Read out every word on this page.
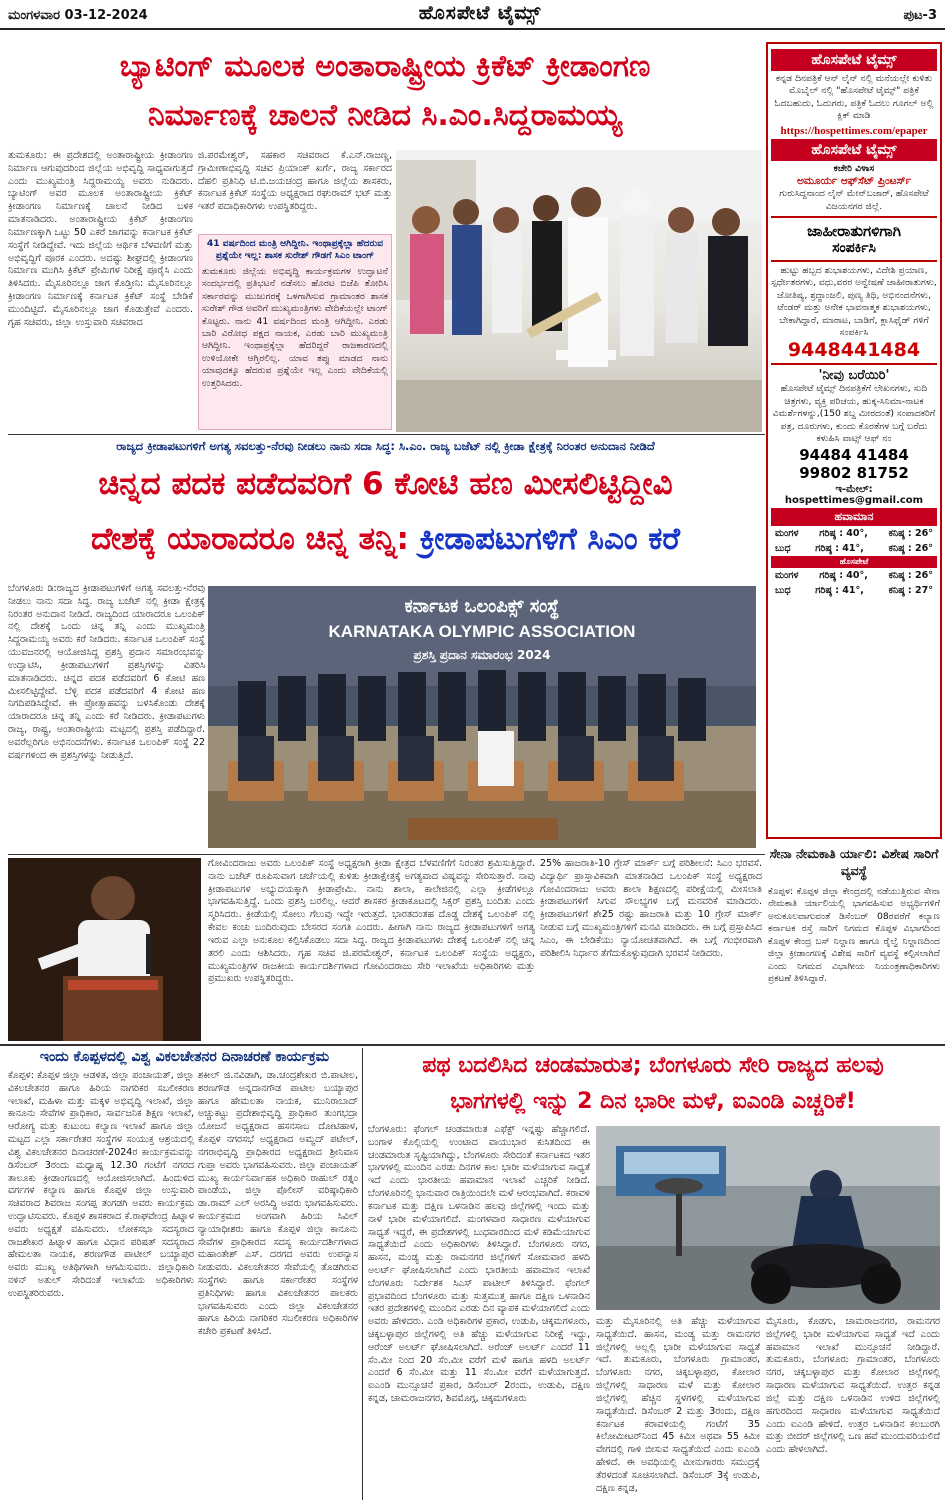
ಮಂಗಳವಾರ 03-12-2024	ಹೊಸಪೇಟೆ ಟೈಮ್ಸ್	ಪುಟ-3
ಬ್ಯಾಟಿಂಗ್ ಮೂಲಕ ಅಂತಾರಾಷ್ಟ್ರೀಯ ಕ್ರಿಕೆಟ್ ಕ್ರೀಡಾಂಗಣ
ನಿರ್ಮಾಣಕ್ಕೆ ಚಾಲನೆ ನೀಡಿದ ಸಿ.ಎಂ.ಸಿದ್ದರಾಮಯ್ಯ
ತುಮಕೂರು: ಈ ಪ್ರದೇಶದಲ್ಲಿ ಅಂತಾರಾಷ್ಟ್ರೀಯ ಕ್ರೀಡಾಂಗಣ ನಿರ್ಮಾಣ ಆಗುವುದರಿಂದ ಜಿಲ್ಲೆಯ ಅಭಿವೃದ್ಧಿ ಸಾಧ್ಯವಾಗುತ್ತದೆ ಎಂದು ಮುಖ್ಯಮಂತ್ರಿ ಸಿದ್ದರಾಮಯ್ಯ ಅವರು ನುಡಿದರು. ಬ್ಯಾಟಿಂಗ್ ಅವರ ಮೂಲಕ ಅಂತಾರಾಷ್ಟ್ರೀಯ ಕ್ರಿಕೆಟ್ ಕ್ರೀಡಾಂಗಣ ನಿರ್ಮಾಣಕ್ಕೆ ಚಾಲನೆ ನೀಡಿದ ಬಳಿಕ ಮಾತನಾಡಿದರು. ಅಂತಾರಾಷ್ಟ್ರೀಯ ಕ್ರಿಕೆಟ್ ಕ್ರೀಡಾಂಗಣ ನಿರ್ಮಾಣಕ್ಕಾಗಿ ಒಟ್ಟು 50 ಎಕರೆ ಜಾಗವನ್ನು ಕರ್ನಾಟಕ ಕ್ರಿಕೆಟ್ ಸಂಸ್ಥೆಗೆ ನೀಡಿದ್ದೇವೆ. ಇದು ಜಿಲ್ಲೆಯ ಆರ್ಥಿಕ ಬೆಳವಣಿಗೆ ಮತ್ತು ಅಭಿವೃದ್ಧಿಗೆ ಪೂರಕ ಎಂದರು. ಅದಷ್ಟು ಶೀಘ್ರದಲ್ಲಿ ಕ್ರೀಡಾಂಗಣ ನಿರ್ಮಾಣ ಮುಗಿಸಿ ಕ್ರಿಕೆಟ್ ಪ್ರೇಮಿಗಳ ನಿರೀಕ್ಷೆ ಪೂರೈಸಿ ಎಂದು ತಿಳಿಸಿದರು. ಮೈಸೂರಿನಲ್ಲೂ ಜಾಗ ಕೊಡ್ತೀನಿ: ಮೈಸೂರಿನಲ್ಲೂ ಕ್ರೀಡಾಂಗಣ ನಿರ್ಮಾಣಕ್ಕೆ ಕರ್ನಾಟಕ ಕ್ರಿಕೆಟ್ ಸಂಸ್ಥೆ ಬೇಡಿಕೆ ಮುಂದಿಟ್ಟಿದೆ. ಮೈಸೂರಿನಲ್ಲೂ ಜಾಗ ಕೊಡುತ್ತೇವೆ ಎಂದರು. ಗೃಹ ಸಚಿವರು, ಜಿಲ್ಲಾ ಉಸ್ತುವಾರಿ ಸಚಿವರಾದ
ಜಿ.ಪರಮೇಶ್ವರ್, ಸಹಕಾರ ಸಚಿವರಾದ ಕೆ.ಎನ್.ರಾಜಣ್ಣ, ಗ್ರಾಮೀಣಾಭಿವೃದ್ಧಿ ಸಚಿವ ಪ್ರಿಯಾಂಕ್ ಖರ್ಗೆ, ರಾಜ್ಯ ಸರ್ಕಾರದ ದೆಹಲಿ ಪ್ರತಿನಿಧಿ ಟಿ.ಬಿ.ಜಯಚಂದ್ರ ಹಾಗೂ ಜಿಲ್ಲೆಯ ಶಾಸಕರು, ಕರ್ನಾಟಕ ಕ್ರಿಕೆಟ್ ಸಂಸ್ಥೆಯ ಅಧ್ಯಕ್ಷರಾದ ರಘುರಾಮ್ ಭಟ್ ಮತ್ತು ಇತರೆ ಪದಾಧಿಕಾರಿಗಳು ಉಪಸ್ಥಿತರಿದ್ದರು.
41 ವರ್ಷದಿಂದ ಮಂತ್ರಿ ಆಗಿದ್ದೀನಿ. ಇಂಥಾಪ್ರಕ್ಕೆಲ್ಲಾ ಹೆದರುವ ಪ್ರಶ್ನೆಯೇ ಇಲ್ಲ: ಶಾಸಕ ಸುರೇಶ್ ಗೌಡಗೆ ಸಿಎಂ ಟಾಂಗ್
ತುಮಕೂರು ಜಿಲ್ಲೆಯ ಅಭಿವೃದ್ಧಿ ಕಾರ್ಯಕ್ರಮಗಳ ಉದ್ಘಾಟನೆ ಸಂದರ್ಭದಲ್ಲಿ ಪ್ರತಿಭಟನೆ ನಡೆಸಲು ಹೊರಟ ಬಿಜೆಪಿ ತೋರಿಸಿ ಸರ್ಕಾರವನ್ನು ಮುಜುಗರಕ್ಕೆ ಒಳಗಾಗಿಸುವ ಗ್ರಾಮಾಂತರ ಶಾಸಕ ಸುರೇಶ್ ಗೌಡ ಅವರಿಗೆ ಮುಖ್ಯಮಂತ್ರಿಗಳು ವೇದಿಕೆಯಲ್ಲೇ ಟಾಂಗ್ ಕೊಟ್ಟರು. ನಾನು 41 ವರ್ಷದಿಂದ ಮಂತ್ರಿ ಆಗಿದ್ದೀನಿ. ಎರಡು ಬಾರಿ ವಿರೋಧ ಪಕ್ಷದ ನಾಯಕ, ಎರಡು ಬಾರಿ ಮುಖ್ಯಮಂತ್ರಿ ಆಗಿದ್ದೀನಿ. ಇಂಥಾಪ್ರಕ್ಕೆಲ್ಲಾ ಹೆದರಿದ್ದರೆ ರಾಜಕಾರಣದಲ್ಲಿ ಉಳಿಯೋಕೇ ಆಗ್ತಿರಲಿಲ್ಲ. ಯಾವ ತಪ್ಪು ಮಾಡದ ನಾನು ಯಾವುದಕ್ಕೂ ಹೆದರುವ ಪ್ರಶ್ನೆಯೇ ಇಲ್ಲ ಎಂದು ವೇದಿಕೆಯಲ್ಲಿ ಉತ್ತರಿಸಿದರು.
ರಾಜ್ಯದ ಕ್ರೀಡಾಪಟುಗಳಿಗೆ ಅಗತ್ಯ ಸವಲತ್ತು-ನೆರವು ನೀಡಲು ನಾನು ಸದಾ ಸಿದ್ಧ: ಸಿ.ಎಂ. ರಾಜ್ಯ ಬಜೆಟ್ ನಲ್ಲಿ ಕ್ರೀಡಾ ಕ್ಷೇತ್ರಕ್ಕೆ ನಿರಂತರ ಅನುದಾನ ನೀಡಿದೆ
ಚಿನ್ನದ ಪದಕ ಪಡೆದವರಿಗೆ 6 ಕೋಟಿ ಹಣ ಮೀಸಲಿಟ್ಟಿದ್ದೀವಿ
ದೇಶಕ್ಕೆ ಯಾರಾದರೂ ಚಿನ್ನ ತನ್ನಿ: ಕ್ರೀಡಾಪಟುಗಳಿಗೆ ಸಿಎಂ ಕರೆ
ಬೆಂಗಳೂರು ಡಿ:ರಾಜ್ಯದ ಕ್ರೀಡಾಪಟುಗಳಿಗೆ ಅಗತ್ಯ ಸವಲತ್ತು-ನೆರವು ನೀಡಲು ನಾನು ಸದಾ ಸಿದ್ಧ. ರಾಜ್ಯ ಬಜೆಟ್ ನಲ್ಲಿ ಕ್ರೀಡಾ ಕ್ಷೇತ್ರಕ್ಕೆ ನಿರಂತರ ಅನುದಾನ ನೀಡಿದೆ. ರಾಜ್ಯದಿಂದ ಯಾರಾದರೂ ಒಲಂಪಿಕ್ ನಲ್ಲಿ ದೇಶಕ್ಕೆ ಒಂದು ಚಿನ್ನ ತನ್ನಿ ಎಂದು ಮುಖ್ಯಮಂತ್ರಿ ಸಿದ್ದರಾಮಯ್ಯ ಅವರು ಕರೆ ನೀಡಿದರು. ಕರ್ನಾಟಕ ಒಲಂಪಿಕ್ ಸಂಸ್ಥೆ ಯುವಜನರಲ್ಲಿ ಆಯೋಜಿಸಿದ್ದ ಪ್ರಶಸ್ತಿ ಪ್ರದಾನ ಸಮಾರಂಭವನ್ನು ಉದ್ಘಾಟಿಸಿ, ಕ್ರೀಡಾಪಟುಗಳಿಗೆ ಪ್ರಶಸ್ತಿಗಳನ್ನು ವಿತರಿಸಿ ಮಾತನಾಡಿದರು. ಚಿನ್ನದ ಪದಕ ಪಡೆದವರಿಗೆ 6 ಕೋಟಿ ಹಣ ಮೀಸಲಿಟ್ಟಿದ್ದೇವೆ. ಬೆಳ್ಳಿ ಪದಕ ಪಡೆದವರಿಗೆ 4 ಕೋಟಿ ಹಣ ನಿಗದಿಪಡಿಸಿದ್ದೇವೆ. ಈ ಪ್ರೋತ್ಸಾಹವನ್ನು ಬಳಸಿಕೊಂಡು ದೇಶಕ್ಕೆ ಯಾರಾದರೂ ಚಿನ್ನ ತನ್ನಿ ಎಂದು ಕರೆ ನೀಡಿದರು. ಕ್ರೀಡಾಪಟುಗಳು ರಾಜ್ಯ, ರಾಷ್ಟ್ರ, ಅಂತಾರಾಷ್ಟ್ರೀಯ ಮಟ್ಟದಲ್ಲಿ ಪ್ರಶಸ್ತಿ ಪಡೆದಿದ್ದಾರೆ. ಅವರೆಲ್ಲರಿಗೂ ಅಭಿನಂದನೆಗಳು. ಕರ್ನಾಟಕ ಒಲಂಪಿಕ್ ಸಂಸ್ಥೆ 22 ವರ್ಷಗಳಿಂದ ಈ ಪ್ರಶಸ್ತಿಗಳನ್ನು ನೀಡುತ್ತಿದೆ.
ಕರ್ನಾಟಕ ಒಲಂಪಿಕ್ಸ್ ಸಂಸ್ಥೆ
KARNATAKA OLYMPIC ASSOCIATION
ಪ್ರಶಸ್ತಿ ಪ್ರದಾನ ಸಮಾರಂಭ 2024
ಗೋವಿಂದರಾಜು ಅವರು ಒಲಂಪಿಕ್ ಸಂಸ್ಥೆ ಅಧ್ಯಕ್ಷರಾಗಿ ಕ್ರೀಡಾ ಕ್ಷೇತ್ರದ ಬೆಳವಣಿಗೆಗೆ ನಿರಂತರ ಶ್ರಮಿಸುತ್ತಿದ್ದಾರೆ. ನಾನು ಬಜೆಟ್ ರೂಪಿಸುವಾಗ ಚರ್ಚೆಯಲ್ಲಿ ಕುಳಿತು ಕ್ರೀಡಾಕ್ಷೇತ್ರಕ್ಕೆ ಅಗತ್ಯವಾದ ವಿಷ್ಯವನ್ನು ಸೇರಿಸುತ್ತಾರೆ. ನಾವು ಕ್ರೀಡಾಪಟುಗಳ ಅಭ್ಯುದಯಕ್ಕಾಗಿ ಕ್ರೀಡಾಪ್ರೇಮಿ. ನಾನು ಶಾಲಾ, ಕಾಲೇಜಿನಲ್ಲಿ ಎಲ್ಲಾ ಕ್ರೀಡೆಗಳಲ್ಲೂ ಭಾಗವಹಿಸುತ್ತಿದ್ದೆ. ಒಂದು ಪ್ರಶಸ್ತಿ ಬರಲಿಲ್ಲ. ಆದರೆ ಶಾಸಕರ ಕ್ರೀಡಾಕೂಟದಲ್ಲಿ ಸಿಕ್ಸರ್ ಪ್ರಶಸ್ತಿ ಬಂದಿತು ಎಂದು ಸ್ಮರಿಸಿದರು. ಕ್ರೀಡೆಯಲ್ಲಿ ಸೋಲು ಗೆಲುವು ಇದ್ದೇ ಇರುತ್ತದೆ. ಭಾರತದಂತಹ ದೊಡ್ಡ ದೇಶಕ್ಕೆ ಒಲಂಪಿಕ್ ನಲ್ಲಿ ಕೇವಲ ಕಂಚು ಬಂದಿರುವುದು ಬೇಸರದ ಸಂಗತಿ ಎಂದರು. ಹೀಗಾಗಿ ನಾನು ರಾಜ್ಯದ ಕ್ರೀಡಾಪಟುಗಳಿಗೆ ಅಗತ್ಯ ಇರುವ ಎಲ್ಲಾ ಅನುಕೂಲ ಕಲ್ಪಿಸಿಕೊಡಲು ಸದಾ ಸಿದ್ಧ. ರಾಜ್ಯದ ಕ್ರೀಡಾಪಟುಗಳು ದೇಶಕ್ಕೆ ಒಲಂಪಿಕ್ ನಲ್ಲಿ ಚಿನ್ನ ತರಲಿ ಎಂದು ಆಶಿಸಿದರು. ಗೃಹ ಸಚಿವ ಜಿ.ಪರಮೇಶ್ವರ್, ಕರ್ನಾಟಕ ಒಲಂಪಿಕ್ ಸಂಸ್ಥೆಯ ಅಧ್ಯಕ್ಷರು, ಮುಖ್ಯಮಂತ್ರಿಗಳ ರಾಜಕೀಯ ಕಾರ್ಯದರ್ಶಿಗಳಾದ ಗೋವಿಂದರಾಜು ಸೇರಿ ಇಲಾಖೆಯ ಅಧಿಕಾರಿಗಳು ಮತ್ತು ಪ್ರಮುಖರು ಉಪಸ್ಥಿತರಿದ್ದರು.
25% ಹಾಜರಾತಿ-10 ಗ್ರೇಸ್ ಮಾರ್ಕ್ ಬಗ್ಗೆ ಪರಿಶೀಲನೆ: ಸಿಎಂ ಭರವಸೆ. ವಿದ್ಯಾರ್ಥಿ ಪ್ರಾಸ್ತಾವಿಕವಾಗಿ ಮಾತನಾಡಿದ ಒಲಂಪಿಕ್ ಸಂಸ್ಥೆ ಅಧ್ಯಕ್ಷರಾದ ಗೋವಿಂದರಾಜು ಅವರು ಶಾಲಾ ಶಿಕ್ಷಣದಲ್ಲಿ ಪರೀಕ್ಷೆಯಲ್ಲಿ ಮೀಸಲಾತಿ ಕ್ರೀಡಾಪಟುಗಳಿಗೆ ಸಿಗುವ ಸೌಲಭ್ಯಗಳ ಬಗ್ಗೆ ಮನವರಿಕೆ ಮಾಡಿದರು. ಕ್ರೀಡಾಪಟುಗಳಿಗೆ ಶೇ25 ರಷ್ಟು ಹಾಜರಾತಿ ಮತ್ತು 10 ಗ್ರೇಸ್ ಮಾರ್ಕ್ ನೀಡುವ ಬಗ್ಗೆ ಮುಖ್ಯಮಂತ್ರಿಗಳಿಗೆ ಮನವಿ ಮಾಡಿದರು. ಈ ಬಗ್ಗೆ ಪ್ರಸ್ತಾಪಿಸಿದ ಸಿಎಂ, ಈ ಬೇಡಿಕೆಯು ನ್ಯಾಯೋಚಿತವಾಗಿದೆ. ಈ ಬಗ್ಗೆ ಗಂಭೀರವಾಗಿ ಪರಿಶೀಲಿಸಿ ನಿರ್ಧಾರ ತೆಗೆದುಕೊಳ್ಳುವುದಾಗಿ ಭರವಸೆ ನೀಡಿದರು.
ಹೊಸಪೇಟೆ ಟೈಮ್ಸ್
ಕನ್ನಡ ದಿನಪತ್ರಿಕೆ ಆನ್ ಲೈನ್ ನಲ್ಲಿ ಮನೆಯಲ್ಲೇ ಕುಳಿತು ಮೊಬೈಲ್ ನಲ್ಲಿ "ಹೊಸಪೇಟೆ ಟೈಮ್ಸ್" ಪತ್ರಿಕೆ ಓದಬಹುದು, ಓದುಗರು, ಪತ್ರಿಕೆ ಓದಲು ಗೂಗಲ್ ಅಲ್ಲಿ ಕ್ಲಿಕ್ ಮಾಡಿ
https://hospettimes.com/epaper
ಹೊಸಪೇಟೆ ಟೈಮ್ಸ್
ಕಚೇರಿ ವಿಳಾಸ
ಅಮೂರ್ಯ ಆಫ್‌ಸೆಟ್ ಪ್ರಿಂಟರ್ಸ್
ಗುರುಸಿದ್ದನಾಂದ ಲೈನ್ ಮೇನ್‌ಬಜಾರ್, ಹೊಸಪೇಟೆ ವಿಜಯನಗರ ಜಿಲ್ಲೆ.
ಜಾಹೀರಾತುಗಳಿಗಾಗಿ
ಸಂಪರ್ಕಿಸಿ
ಹುಟ್ಟು ಹಬ್ಬದ ಶುಭಾಶಯಗಳು, ವಿದೇಶಿ ಪ್ರಯಾಣ, ಸ್ಪರ್ಧೇತರಗಳು, ವಧು,ವರರ ಅನ್ವೇಷಣೆ ಜಾಹೀರಾತುಗಳು, ಜೋತಿಷ್ಯ, ಶ್ರದ್ಧಾಂಜಲಿ, ಪುಣ್ಯ ತಿಥಿ, ಅಭಿನಂದನೆಗಳು, ಟೆಂಡರ್ ಮತ್ತು ಅನೇಕ ಭಾವನಾತ್ಮಕ ಶುಭಾಶಯಗಳು, ಬೇಕಾಗಿದ್ದಾರೆ, ಮಾರಾಟ, ಬಾಡಿಗೆ, ಕ್ಲಾಸಿಫೈಡ್ ಗಳಿಗೆ ಸಂಪರ್ಕಿಸಿ
9448441484
'ನೀವು ಬರೆಯಿರಿ'
ಹೊಸಪೇಟೆ ಟೈಮ್ಸ್ ದಿನಪತ್ರಿಕೆಗೆ ಲೇಖನಗಳು, ಸುದಿ ಚಿತ್ರಗಳು, ವ್ಯಕ್ತಿ ಪರಿಚಯ, ಹುಕ್ಕ-ಸಿನಿಮಾ-ನಾಟಕ ವಿಮರ್ಶೆಗಳನ್ನು,(150 ಶಬ್ದ ಮೀರದಂತೆ) ಸಂಪಾದಕರಿಗೆ ಪತ್ರ, ದೂರುಗಳು, ಕುಂದು ಕೊರತೆಗಳ ಬಗ್ಗೆ ಬರೆದು ಕಳುಹಿಸಿ ವಾಟ್ಸ್ ಆಫ್ ನಂ
94484 41484
99802 81752
ಇ-ಮೇಲ್: hospettimes@gmail.com
ಹವಾಮಾನ
ಮಂಗಳ ಗರಿಷ್ಠ : 40°, ಕನಿಷ್ಠ : 26°
ಬುಧ	ಗರಿಷ್ಠ : 41°,	ಕನಿಷ್ಠ : 26°
ಹೊಸಪೇಟೆ
ಮಂಗಳ ಗರಿಷ್ಠ : 40°, ಕನಿಷ್ಠ : 26°
ಬುಧ	ಗರಿಷ್ಠ : 41°,	ಕನಿಷ್ಠ : 27°
ಸೇನಾ ನೇಮಕಾತಿ ರ್ಯಾಲಿ: ವಿಶೇಷ ಸಾರಿಗೆ ವ್ಯವಸ್ಥೆ
ಕೊಪ್ಪಳ: ಕೊಪ್ಪಳ ಜಿಲ್ಲಾ ಕೇಂದ್ರದಲ್ಲಿ ನಡೆಯುತ್ತಿರುವ ಸೇನಾ ನೇಮಕಾತಿ ರ್ಯಾಲಿಯಲ್ಲಿ ಭಾಗವಹಿಸುವ ಅಭ್ಯರ್ಥಿಗಳಿಗೆ ಅನುಕೂಲವಾಗುವಂತೆ ಡಿಸೆಂಬರ್ 08ರವರೆಗೆ ಕಲ್ಯಾಣ ಕರ್ನಾಟಕ ರಸ್ತೆ ಸಾರಿಗೆ ನಿಗಮದ ಕೊಪ್ಪಳ ವಿಭಾಗದಿಂದ ಕೊಪ್ಪಳ ಕೇಂದ್ರ ಬಸ್ ನಿಲ್ದಾಣ ಹಾಗೂ ರೈಲ್ವೆ ನಿಲ್ದಾಣದಿಂದ ಜಿಲ್ಲಾ ಕ್ರೀಡಾಂಗಣಕ್ಕೆ ವಿಶೇಷ ಸಾರಿಗೆ ವ್ಯವಸ್ಥೆ ಕಲ್ಪಿಸಲಾಗಿದೆ ಎಂದು ನಿಗಮದ ವಿಭಾಗೀಯ ನಿಯಂತ್ರಣಾಧಿಕಾರಿಗಳು ಪ್ರಕಟಣೆ ತಿಳಿಸಿದ್ದಾರೆ.
ಇಂದು ಕೊಪ್ಪಳದಲ್ಲಿ ವಿಶ್ವ ವಿಕಲಚೇತನರ ದಿನಾಚರಣೆ ಕಾರ್ಯಕ್ರಮ
ಕೊಪ್ಪಳ: ಕೊಪ್ಪಳ ಜಿಲ್ಲಾ ಆಡಳಿತ, ಜಿಲ್ಲಾ ಪಂಚಾಯತ್, ಜಿಲ್ಲಾ ವಿಕಲಚೇತನರ ಹಾಗೂ ಹಿರಿಯ ನಾಗರಿಕರ ಸಬಲೀಕರಣ ಇಲಾಖೆ, ಮಹಿಳಾ ಮತ್ತು ಮಕ್ಕಳ ಅಭಿವೃದ್ಧಿ ಇಲಾಖೆ, ಜಿಲ್ಲಾ ಕಾನೂನು ಸೇವೆಗಳ ಪ್ರಾಧಿಕಾರ, ಸಾರ್ವಜನಿಕ ಶಿಕ್ಷಣ ಇಲಾಖೆ, ಆರೋಗ್ಯ ಮತ್ತು ಕುಟುಂಬ ಕಲ್ಯಾಣ ಇಲಾಖೆ ಹಾಗೂ ಜಿಲ್ಲಾ ಮಟ್ಟದ ಎಲ್ಲಾ ಸರ್ಕಾರೇತರ ಸಂಸ್ಥೆಗಳ ಸಂಯುಕ್ತ ಆಶ್ರಯದಲ್ಲಿ ವಿಶ್ವ ವಿಕಲಚೇತನರ ದಿನಾಚರಣೆ-2024ರ ಕಾರ್ಯಕ್ರಮವನ್ನು ಡಿಸೆಂಬರ್ 3ರಂದು ಮಧ್ಯಾಹ್ನ 12.30 ಗಂಟೆಗೆ ನಗರದ ತಾಲೂಕು ಕ್ರೀಡಾಂಗಣದಲ್ಲಿ ಆಯೋಜಿಸಲಾಗಿದೆ. ಹಿಂದುಳಿದ ವರ್ಗಗಳ ಕಲ್ಯಾಣ ಹಾಗೂ ಕೊಪ್ಪಳ ಜಿಲ್ಲಾ ಉಸ್ತುವಾರಿ ಸಚಿವರಾದ ಶಿವರಾಜ ಸಂಗಪ್ಪ ತಂಗಡಗಿ ಅವರು ಕಾರ್ಯಕ್ರಮ ಉದ್ಘಾಟಿಸುವರು. ಕೊಪ್ಪಳ ಶಾಸಕರಾದ ಕೆ.ರಾಘವೇಂದ್ರ ಹಿಟ್ನಾಳ ಅವರು ಅಧ್ಯಕ್ಷತೆ ವಹಿಸುವರು. ಲೋಕಸಭಾ ಸದಸ್ಯರಾದ ರಾಜಶೇಖರ ಹಿಟ್ನಾಳ ಹಾಗೂ ವಿಧಾನ ಪರಿಷತ್ ಸದಸ್ಯರಾದ ಹೇಮಲತಾ ನಾಯಕ, ಶರಣಗೌಡ ಪಾಟೀಲ್ ಬಯ್ಯಾಪುರ ಅವರು ಮುಖ್ಯ ಅತಿಥಿಗಳಾಗಿ ಆಗಮಿಸುವರು. ಜಿಲ್ಲಾಧಿಕಾರಿ ನಳಿನ್ ಅತುಲ್ ಸೇರಿದಂತೆ ಇಲಾಖೆಯ ಅಧಿಕಾರಿಗಳು ಉಪಸ್ಥಿತರಿರುವರು.
ಶಕೀಲ್ ಜಿ.ನವಿಡಾಗಿ, ಡಾ.ಚಂದ್ರಶೇಖರ ಬಿ.ಪಾಟೀಲ, ಶರಣಗೌಡ ಅನ್ನದಾನಗೌಡ ಪಾಟೀಲ ಬಯ್ಯಾಪುರ ಹಾಗೂ ಹೇಮಲತಾ ನಾಯಕ, ಮುನಿರಾಬಾದ್ ಅಚ್ಚುಕಟ್ಟು ಪ್ರದೇಶಾಭಿವೃದ್ಧಿ ಪ್ರಾಧಿಕಾರ ತುಂಗಭದ್ರಾ ಯೋಜನೆ ಅಧ್ಯಕ್ಷರಾದ ಹಸನಸಾಬ ದೋಟಿಹಾಳ, ಕೊಪ್ಪಳ ನಗರಸಭೆ ಅಧ್ಯಕ್ಷರಾದ ಅಮ್ಜದ್ ಪಟೇಲ್, ನಗರಾಭಿವೃದ್ಧಿ ಪ್ರಾಧಿಕಾರದ ಅಧ್ಯಕ್ಷರಾದ ಶ್ರೀನಿವಾಸ ಗುಪ್ತಾ ಅವರು ಭಾಗವಹಿಸುವರು. ಜಿಲ್ಲಾ ಪಂಚಾಯತ್ ಮುಖ್ಯ ಕಾರ್ಯನಿರ್ವಾಹಕ ಅಧಿಕಾರಿ ರಾಹುಲ್ ರತ್ನಂ ಪಾಂಡೆಯ, ಜಿಲ್ಲಾ ಪೊಲೀಸ್ ವರಿಷ್ಠಾಧಿಕಾರಿ ಡಾ.ರಾಮ್ ಎಲ್ ಅರಸಿದ್ದಿ ಅವರು ಭಾಗವಹಿಸುವರು. ಕಾರ್ಯಕ್ರಮದ ಅಂಗವಾಗಿ ಹಿರಿಯ ಸಿವಿಲ್ ನ್ಯಾಯಾಧೀಶರು ಹಾಗೂ ಕೊಪ್ಪಳ ಜಿಲ್ಲಾ ಕಾನೂನು ಸೇವೆಗಳ ಪ್ರಾಧಿಕಾರದ ಸದಸ್ಯ ಕಾರ್ಯದರ್ಶಿಗಳಾದ ಮಹಾಂತೇಶ್ ಎಸ್. ದರಗದ ಅವರು ಉಪನ್ಯಾಸ ನೀಡುವರು. ವಿಕಲಚೇತನರ ಸೇವೆಯಲ್ಲಿ ತೊಡಗಿರುವ ಸಂಸ್ಥೆಗಳು ಹಾಗೂ ಸರ್ಕಾರೇತರ ಸಂಸ್ಥೆಗಳ ಪ್ರತಿನಿಧಿಗಳು ಹಾಗೂ ವಿಕಲಚೇತನರ ಪಾಲಕರು ಭಾಗವಹಿಸುವರು ಎಂದು ಜಿಲ್ಲಾ ವಿಕಲಚೇತನರ ಹಾಗೂ ಹಿರಿಯ ನಾಗರಿಕರ ಸಬಲೀಕರಣ ಅಧಿಕಾರಿಗಳ ಕಚೇರಿ ಪ್ರಕಟಣೆ ತಿಳಿಸಿದೆ.
ಪಥ ಬದಲಿಸಿದ ಚಂಡಮಾರುತ; ಬೆಂಗಳೂರು ಸೇರಿ ರಾಜ್ಯದ ಹಲವು
ಭಾಗಗಳಲ್ಲಿ ಇನ್ನು 2 ದಿನ ಭಾರೀ ಮಳೆ, ಐಎಂಡಿ ಎಚ್ಚರಿಕೆ!
ಬೆಂಗಳೂರು: ಫೆಂಗಲ್ ಚಂಡಮಾರುತ ಎಫೆಕ್ಟ್ ಇನ್ನಷ್ಟು ಹೆಚ್ಚಾಗಲಿದೆ. ಬಂಗಾಳ ಕೊಲ್ಲಿಯಲ್ಲಿ ಉಂಟಾದ ವಾಯುಭಾರ ಕುಸಿತದಿಂದ ಈ ಚಂಡಮಾರುತ ಸೃಷ್ಟಿಯಾಗಿದ್ದು, ಬೆಂಗಳೂರು ಸೇರಿದಂತೆ ಕರ್ನಾಟಕದ ಇತರ ಭಾಗಗಳಲ್ಲಿ ಮುಂದಿನ ಎರಡು ದಿನಗಳ ಕಾಲ ಭಾರೀ ಮಳೆಯಾಗುವ ಸಾಧ್ಯತೆ ಇದೆ ಎಂದು ಭಾರತೀಯ ಹವಾಮಾನ ಇಲಾಖೆ ಎಚ್ಚರಿಕೆ ನೀಡಿದೆ. ಬೆಂಗಳೂರಿನಲ್ಲಿ ಭಾನುವಾರ ರಾತ್ರಿಯಿಂದಲೇ ಮಳೆ ಆರಂಭವಾಗಿದೆ. ಕರಾವಳಿ ಕರ್ನಾಟಕ ಮತ್ತು ದಕ್ಷಿಣ ಒಳನಾಡಿನ ಹಲವು ಜಿಲ್ಲೆಗಳಲ್ಲಿ ಇಂದು ಮತ್ತು ನಾಳೆ ಭಾರೀ ಮಳೆಯಾಗಲಿದೆ. ಮಂಗಳವಾರ ಸಾಧಾರಣ ಮಳೆಯಾಗುವ ಸಾಧ್ಯತೆ ಇದ್ದರೆ, ಈ ಪ್ರದೇಶಗಳಲ್ಲಿ ಬುಧವಾರದಿಂದ ಮಳೆ ಕಡಿಮೆಯಾಗುವ ಸಾಧ್ಯತೆಯಿದೆ ಎಂದು ಅಧಿಕಾರಿಗಳು ತಿಳಿಸಿದ್ದಾರೆ. ಬೆಂಗಳೂರು ನಗರ, ಹಾಸನ, ಮಂಡ್ಯ ಮತ್ತು ರಾಮನಗರ ಜಿಲ್ಲೆಗಳಿಗೆ ಸೋಮವಾರ ಹಳದಿ ಅಲರ್ಟ್ ಘೋಷಿಸಲಾಗಿದೆ ಎಂದು ಭಾರತೀಯ ಹವಾಮಾನ ಇಲಾಖೆ ಬೆಂಗಳೂರು ನಿರ್ದೇಶಕ ಸಿಎಸ್ ಪಾಟೀಲ್ ತಿಳಿಸಿದ್ದಾರೆ. ಫೆಂಗಲ್ ಪ್ರಭಾವದಿಂದ ಬೆಂಗಳೂರು ಮತ್ತು ಸುತ್ತಮುತ್ತ ಹಾಗೂ ದಕ್ಷಿಣ ಒಳನಾಡಿನ ಇತರ ಪ್ರದೇಶಗಳಲ್ಲಿ ಮುಂದಿನ ಎರಡು ದಿನ ವ್ಯಾಪಕ ಮಳೆಯಾಗಲಿದೆ ಎಂದು ಅವರು ಹೇಳಿದರು. ಎಂಡಿ ಅಧಿಕಾರಿಗಳ ಪ್ರಕಾರ, ಉಡುಪಿ, ಚಿಕ್ಕಮಗಳೂರು, ಚಿಕ್ಕಬಳ್ಳಾಪುರ ಜಿಲ್ಲೆಗಳಲ್ಲಿ ಅತಿ ಹೆಚ್ಚು ಮಳೆಯಾಗುವ ನಿರೀಕ್ಷೆ ಇದ್ದು, ಆರೆಂಜ್ ಅಲರ್ಟ್ ಘೋಷಿಸಲಾಗಿದೆ. ಅರೆಂಜ್ ಅಲರ್ಟ್ ಎಂದರೆ 11 ಸೆಂ.ಮೀ ನಿಂದ 20 ಸೆಂ.ಮೀ ವರೆಗೆ ಮಳೆ ಹಾಗೂ ಹಳದಿ ಅಲರ್ಟ್ ಎಂದರೆ 6 ಸೆಂ.ಮೀ ಮತ್ತು 11 ಸೆಂ.ಮೀ ವರೆಗೆ ಮಳೆಯಾಗುತ್ತದೆ. ಐಎಂಡಿ ಮುನ್ಸೂಚನೆ ಪ್ರಕಾರ, ಡಿಸೆಂಬರ್ 2ರಂದು, ಉಡುಪಿ, ದಕ್ಷಿಣ ಕನ್ನಡ, ಚಾಮರಾಜನಗರ, ಶಿವಮೊಗ್ಗ, ಚಿಕ್ಕಮಗಳೂರು
ಮತ್ತು ಮೈಸೂರಿನಲ್ಲಿ ಅತಿ ಹೆಚ್ಚು ಮಳೆಯಾಗುವ ಸಾಧ್ಯತೆಯಿದೆ. ಹಾಸನ, ಮಂಡ್ಯ ಮತ್ತು ರಾಮನಗರ ಜಿಲ್ಲೆಗಳಲ್ಲಿ ಅಲ್ಲಲ್ಲಿ ಭಾರೀ ಮಳೆಯಾಗುವ ಸಾಧ್ಯತೆ ಇದೆ. ತುಮಕೂರು, ಬೆಂಗಳೂರು ಗ್ರಾಮಾಂತರ, ಬೆಂಗಳೂರು ನಗರ, ಚಿಕ್ಕಬಳ್ಳಾಪುರ, ಕೋಲಾರ ಜಿಲ್ಲೆಗಳಲ್ಲಿ ಸಾಧಾರಣ ಮಳೆ ಮತ್ತು ಕೋಲಾರ ಜಿಲ್ಲೆಗಳಲ್ಲಿ ಹೆಚ್ಚಿನ ಸ್ಥಳಗಳಲ್ಲಿ ಮಳೆಯಾಗುವ ಸಾಧ್ಯತೆಯಿದೆ. ಡಿಸೆಂಬರ್ 2 ಮತ್ತು 3ರಂದು, ದಕ್ಷಿಣ ಕರ್ನಾಟಕ ಕರಾವಳಿಯಲ್ಲಿ ಗಂಟೆಗೆ 35 ಕಿಲೋಮೀಟರ್‌ನಿಂದ 45 ಕಿಮೀ ಅಥವಾ 55 ಕಿಮೀ ವೇಗದಲ್ಲಿ ಗಾಳಿ ಬೀಸುವ ಸಾಧ್ಯತೆಯಿದೆ ಎಂದು ಐಎಂಡಿ ಹೇಳಿದೆ. ಈ ಅವಧಿಯಲ್ಲಿ ಮೀನುಗಾರರು ಸಮುದ್ರಕ್ಕೆ ತೆರಳದಂತೆ ಸೂಚಿಸಲಾಗಿದೆ. ಡಿಸೆಂಬರ್ 3ಕ್ಕೆ ಉಡುಪಿ, ದಕ್ಷಿಣ ಕನ್ನಡ,
ಮೈಸೂರು, ಕೊಡಗು, ಚಾಮರಾಜನಗರ, ರಾಮನಗರ ಜಿಲ್ಲೆಗಳಲ್ಲಿ ಭಾರೀ ಮಳೆಯಾಗುವ ಸಾಧ್ಯತೆ ಇದೆ ಎಂದು ಹವಾಮಾನ ಇಲಾಖೆ ಮುನ್ಸೂಚನೆ ನೀಡಿದ್ದಾರೆ. ತುಮಕೂರು, ಬೆಂಗಳೂರು ಗ್ರಾಮಾಂತರ, ಬೆಂಗಳೂರು ನಗರ, ಚಿಕ್ಕಬಳ್ಳಾಪುರ ಮತ್ತು ಕೋಲಾರ ಜಿಲ್ಲೆಗಳಲ್ಲಿ ಸಾಧಾರಣ ಮಳೆಯಾಗುವ ಸಾಧ್ಯತೆಯಿದೆ. ಉತ್ತರ ಕನ್ನಡ ಜಿಲ್ಲೆ ಮತ್ತು ದಕ್ಷಿಣ ಒಳನಾಡಿನ ಉಳಿದ ಜಿಲ್ಲೆಗಳಲ್ಲಿ ಹಗುರದಿಂದ ಸಾಧಾರಣ ಮಳೆಯಾಗುವ ಸಾಧ್ಯತೆಯಿದೆ ಎಂದು ಐಎಂಡಿ ಹೇಳಿದೆ. ಉತ್ತರ ಒಳನಾಡಿನ ಕಲಬುರಗಿ ಮತ್ತು ಬೀದರ್ ಜಿಲ್ಲೆಗಳಲ್ಲಿ ಒಣ ಹವೆ ಮುಂದುವರಿಯಲಿದೆ ಎಂದು ಹೇಳಲಾಗಿದೆ.
